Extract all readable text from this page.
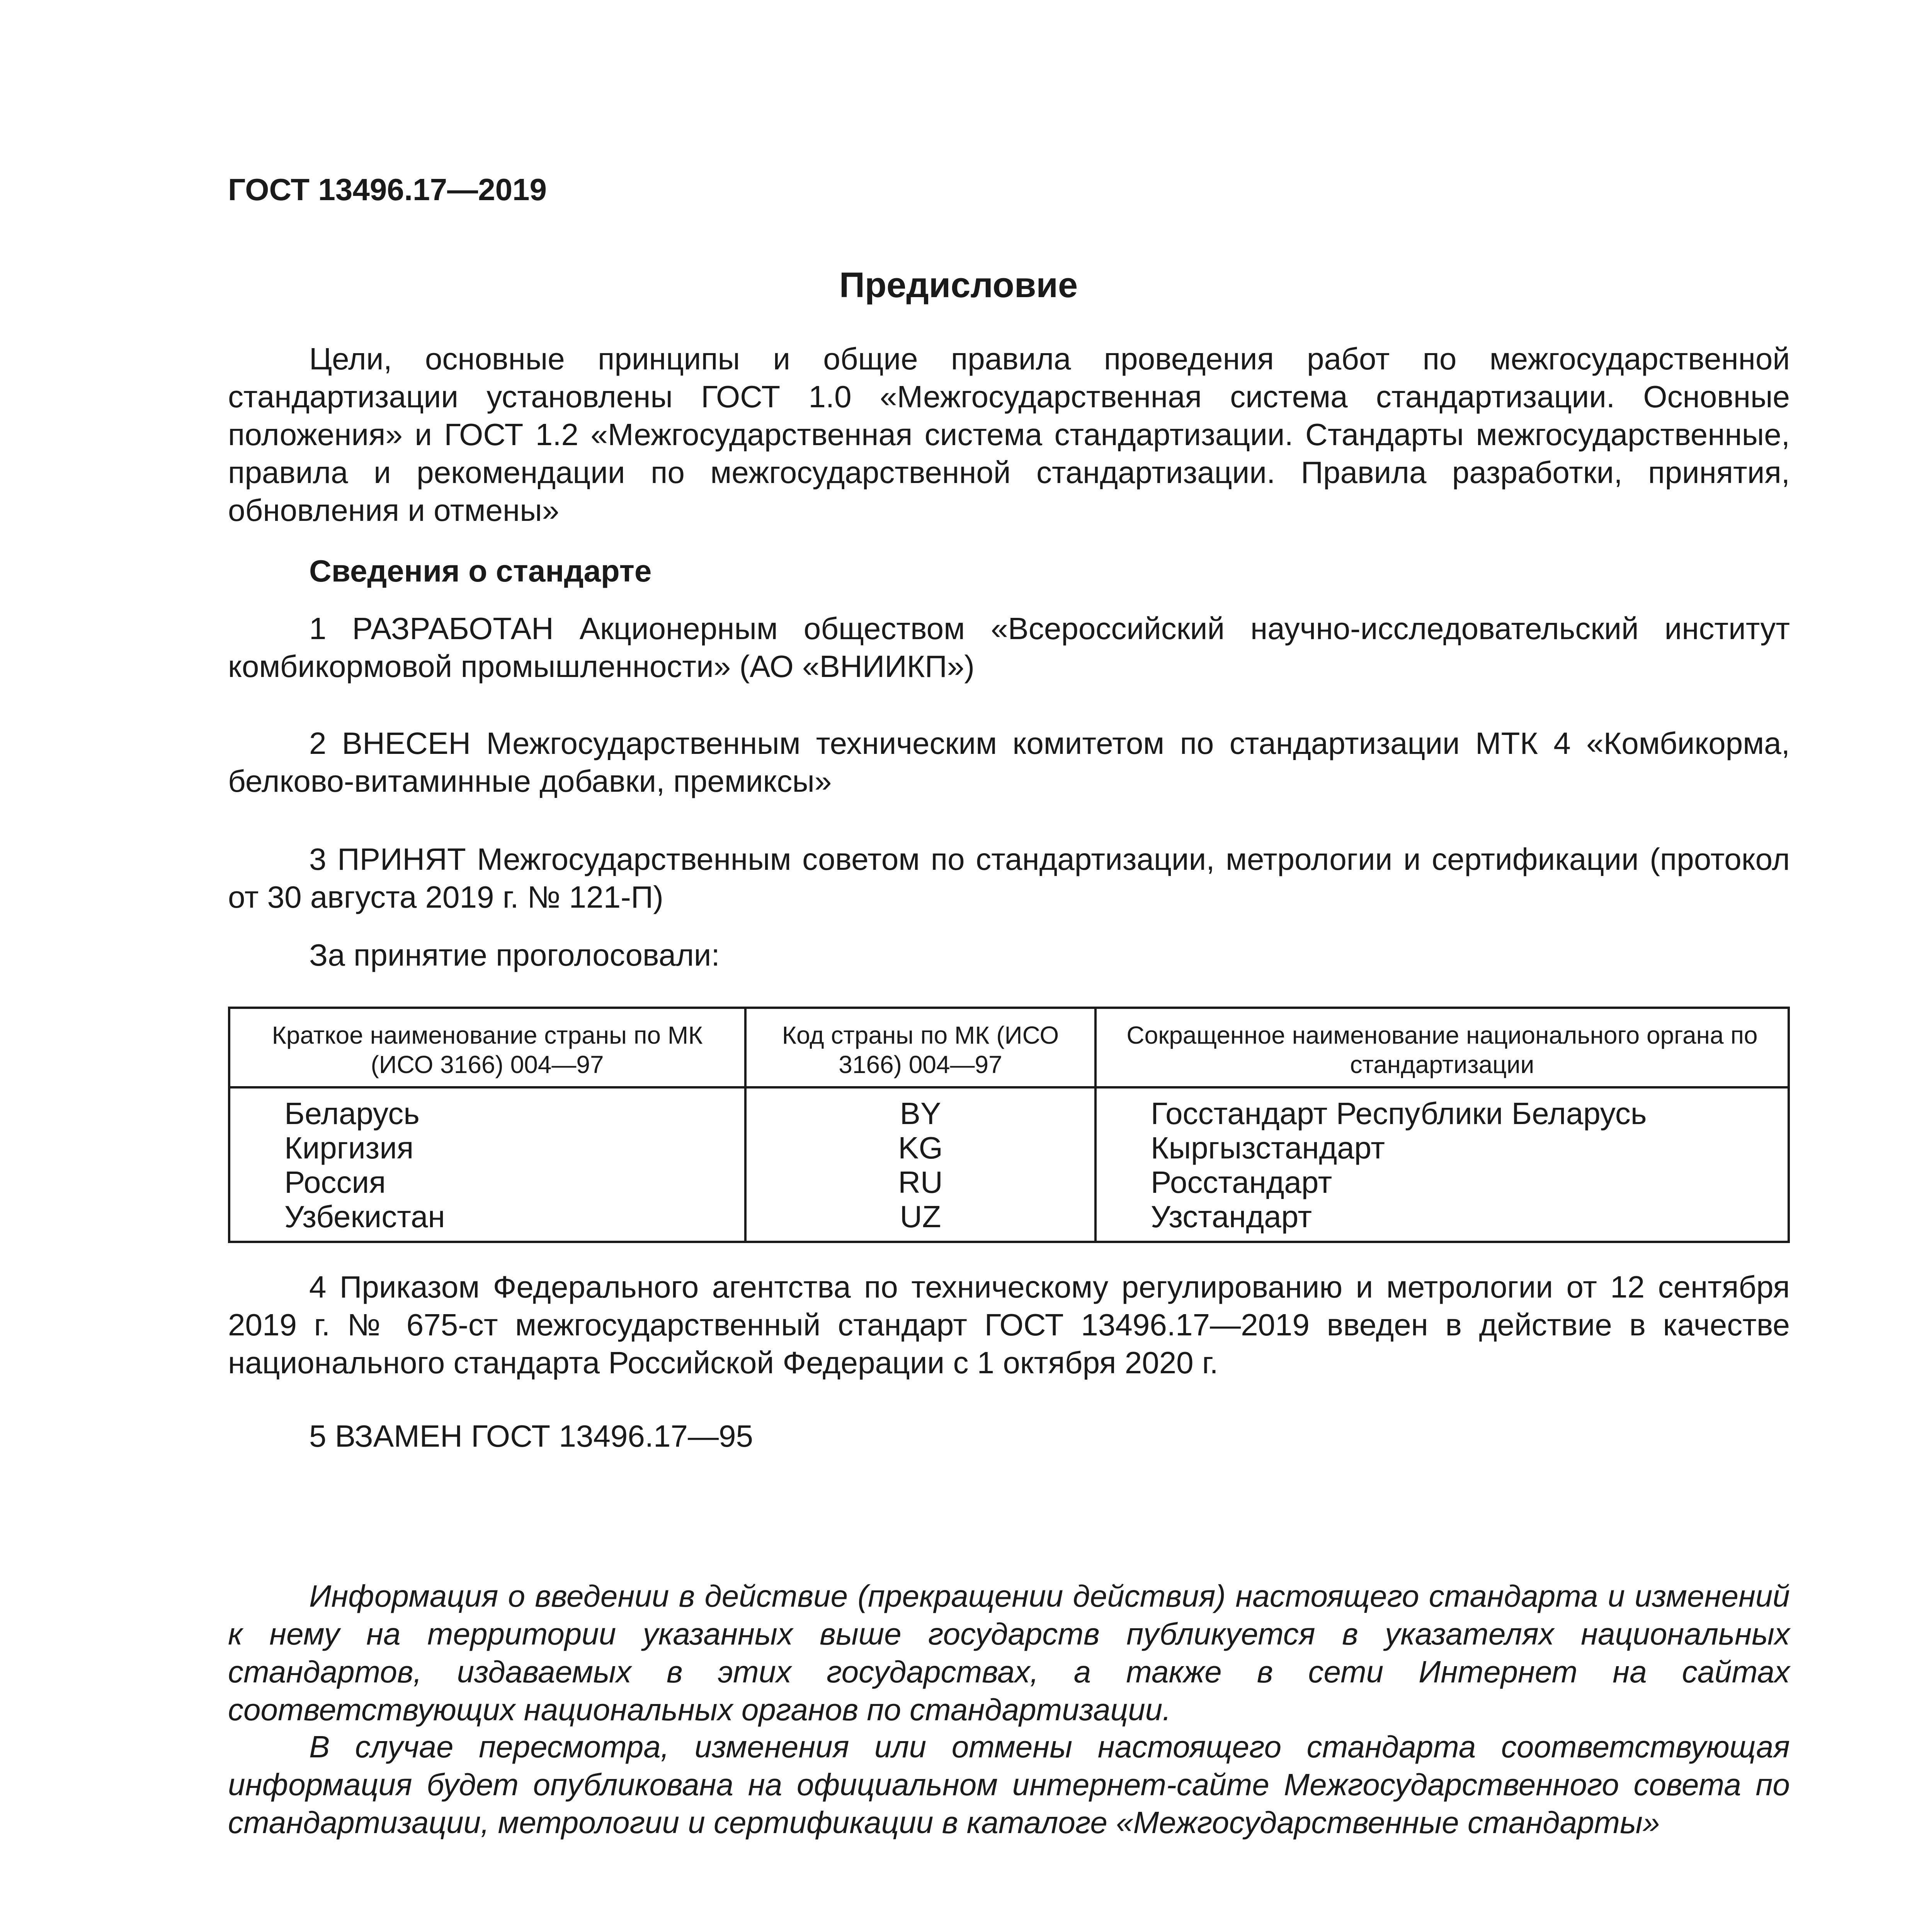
ГОСТ 13496.17—2019
Предисловие
Цели, основные принципы и общие правила проведения работ по межгосударственной стандартизации установлены ГОСТ 1.0 «Межгосударственная система стандартизации. Основные положения» и ГОСТ 1.2 «Межгосударственная система стандартизации. Стандарты межгосударственные, правила и рекомендации по межгосударственной стандартизации. Правила разработки, принятия, обновления и отмены»
Сведения о стандарте
1 РАЗРАБОТАН Акционерным обществом «Всероссийский научно-исследовательский институт комбикормовой промышленности» (АО «ВНИИКП»)
2 ВНЕСЕН Межгосударственным техническим комитетом по стандартизации МТК 4 «Комбикорма, белково-витаминные добавки, премиксы»
3 ПРИНЯТ Межгосударственным советом по стандартизации, метрологии и сертификации (протокол от 30 августа 2019 г. № 121-П)
За принятие проголосовали:
Краткое наименование страны по МК (ИСО 3166) 004—97	Код страны по МК (ИСО 3166) 004—97	Сокращенное наименование национального органа по стандартизации
Беларусь	BY	Госстандарт Республики Беларусь
Киргизия	KG	Кыргызстандарт
Россия	RU	Росстандарт
Узбекистан	UZ	Узстандарт
4 Приказом Федерального агентства по техническому регулированию и метрологии от 12 сентября 2019 г. № 675-ст межгосударственный стандарт ГОСТ 13496.17—2019 введен в действие в качестве национального стандарта Российской Федерации с 1 октября 2020 г.
5 ВЗАМЕН ГОСТ 13496.17—95
Информация о введении в действие (прекращении действия) настоящего стандарта и изменений к нему на территории указанных выше государств публикуется в указателях национальных стандартов, издаваемых в этих государствах, а также в сети Интернет на сайтах соответствующих национальных органов по стандартизации.
В случае пересмотра, изменения или отмены настоящего стандарта соответствующая информация будет опубликована на официальном интернет-сайте Межгосударственного совета по стандартизации, метрологии и сертификации в каталоге «Межгосударственные стандарты»
